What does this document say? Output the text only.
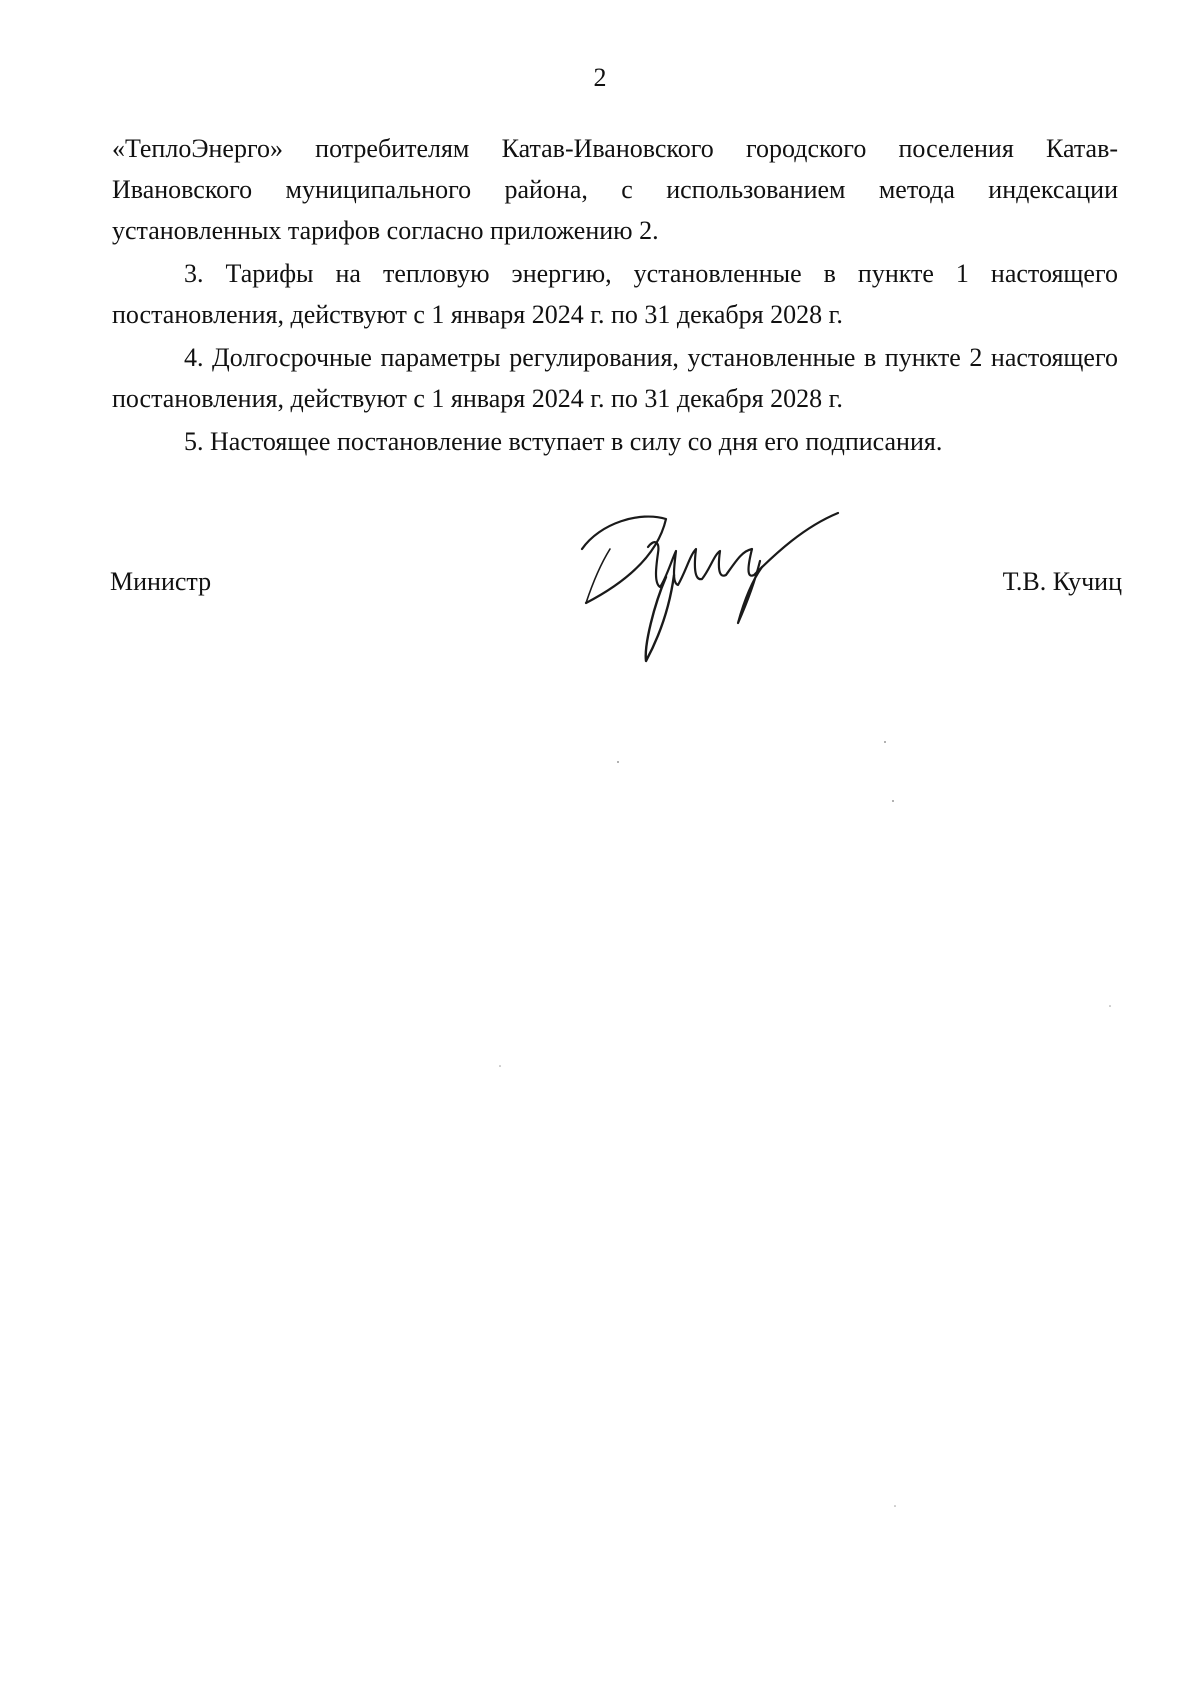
2

«ТеплоЭнерго» потребителям Катав-Ивановского городского поселения Катав-Ивановского муниципального района, с использованием метода индексации установленных тарифов согласно приложению 2.

3. Тарифы на тепловую энергию, установленные в пункте 1 настоящего постановления, действуют с 1 января 2024 г. по 31 декабря 2028 г.

4. Долгосрочные параметры регулирования, установленные в пункте 2 настоящего постановления, действуют с 1 января 2024 г. по 31 декабря 2028 г.

5. Настоящее постановление вступает в силу со дня его подписания.

Министр	Т.В. Кучиц
